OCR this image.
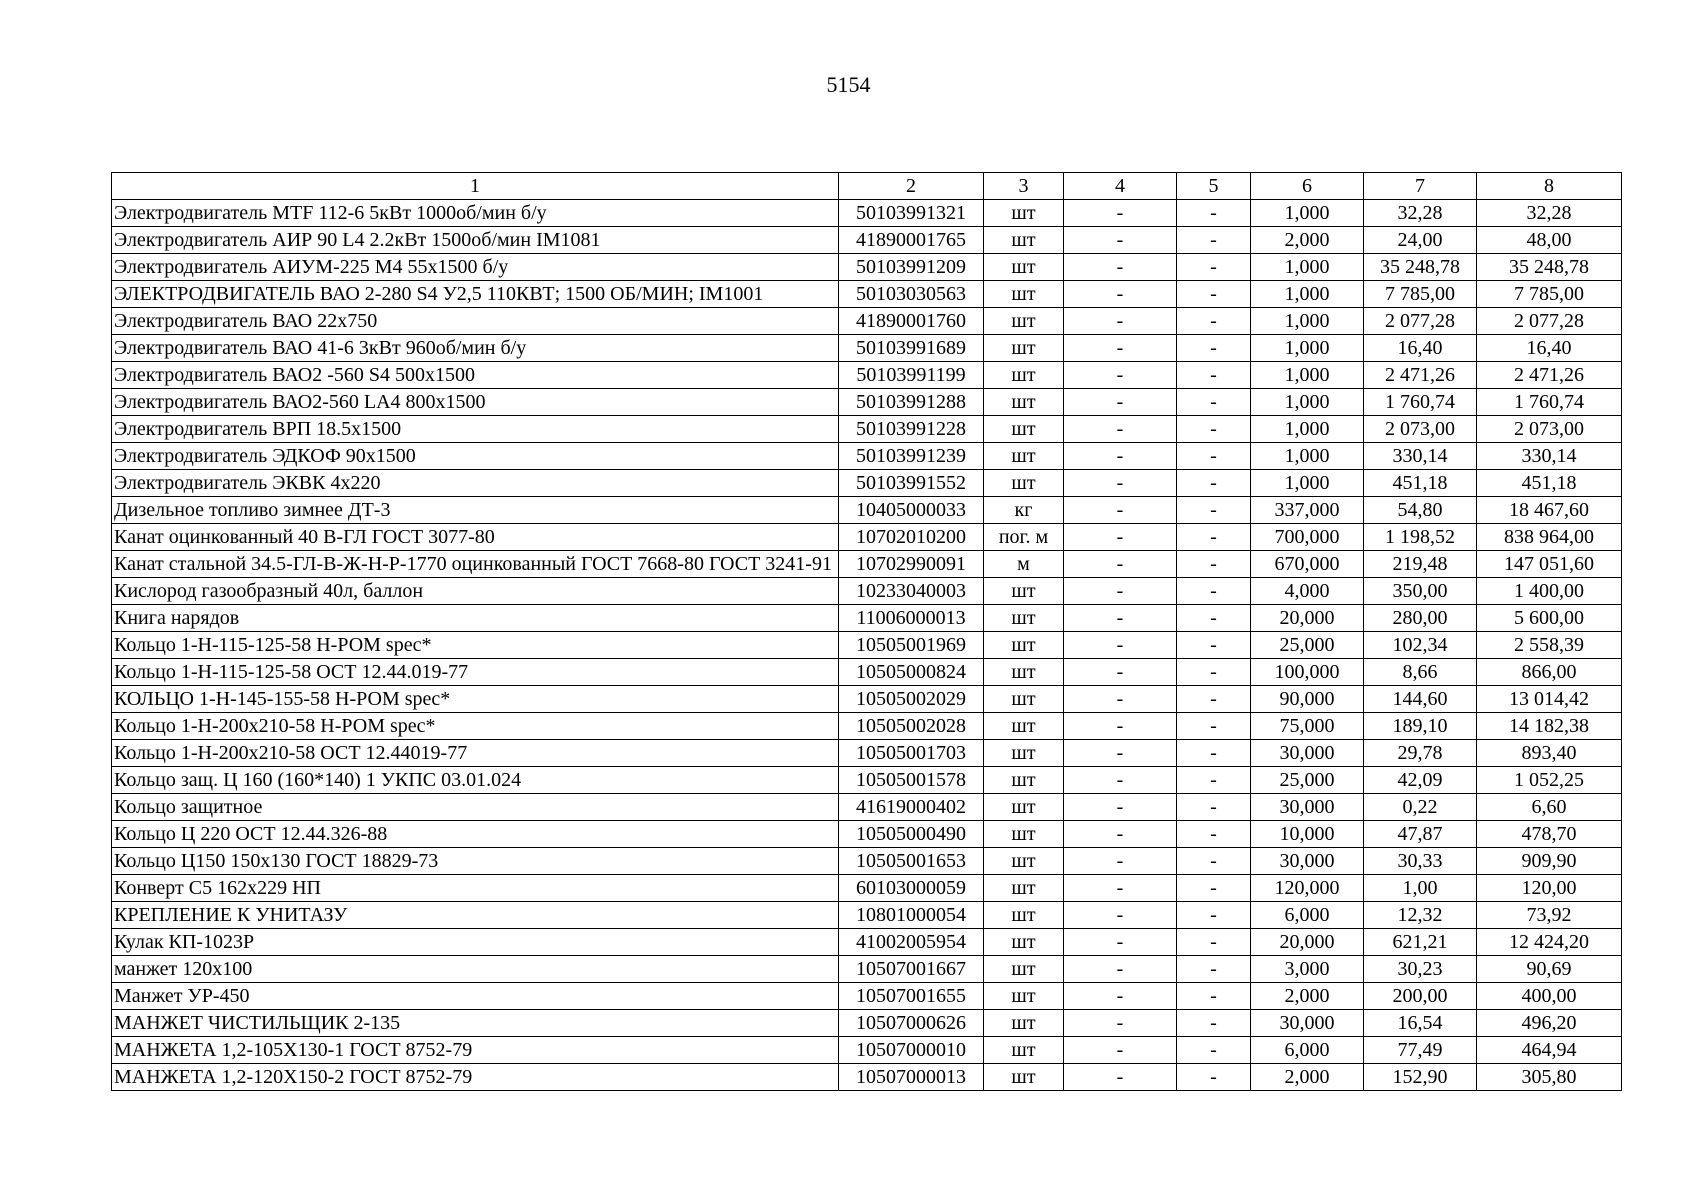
5154
1	2	3	4	5	6	7	8
Электродвигатель MTF 112-6 5кВт 1000об/мин б/у	50103991321	шт	-	-	1,000	32,28	32,28
Электродвигатель АИР 90 L4 2.2кВт 1500об/мин IM1081	41890001765	шт	-	-	2,000	24,00	48,00
Электродвигатель АИУМ-225 М4 55х1500 б/у	50103991209	шт	-	-	1,000	35 248,78	35 248,78
ЭЛЕКТРОДВИГАТЕЛЬ ВАО 2-280 S4 У2,5 110КВТ; 1500 ОБ/МИН; IM1001	50103030563	шт	-	-	1,000	7 785,00	7 785,00
Электродвигатель ВАО 22х750	41890001760	шт	-	-	1,000	2 077,28	2 077,28
Электродвигатель ВАО 41-6 3кВт 960об/мин б/у	50103991689	шт	-	-	1,000	16,40	16,40
Электродвигатель ВАО2 -560 S4 500х1500	50103991199	шт	-	-	1,000	2 471,26	2 471,26
Электродвигатель ВАО2-560 LA4 800х1500	50103991288	шт	-	-	1,000	1 760,74	1 760,74
Электродвигатель ВРП 18.5х1500	50103991228	шт	-	-	1,000	2 073,00	2 073,00
Электродвигатель ЭДКОФ 90х1500	50103991239	шт	-	-	1,000	330,14	330,14
Электродвигатель ЭКВК 4х220	50103991552	шт	-	-	1,000	451,18	451,18
Дизельное топливо зимнее ДТ-3	10405000033	кг	-	-	337,000	54,80	18 467,60
Канат оцинкованный 40 В-ГЛ ГОСТ 3077-80	10702010200	пог. м	-	-	700,000	1 198,52	838 964,00
Канат стальной 34.5-ГЛ-В-Ж-Н-Р-1770 оцинкованный ГОСТ 7668-80 ГОСТ 3241-91	10702990091	м	-	-	670,000	219,48	147 051,60
Кислород газообразный 40л, баллон	10233040003	шт	-	-	4,000	350,00	1 400,00
Книга нарядов	11006000013	шт	-	-	20,000	280,00	5 600,00
Кольцо 1-Н-115-125-58 Н-РОМ spec*	10505001969	шт	-	-	25,000	102,34	2 558,39
Кольцо 1-Н-115-125-58 ОСТ 12.44.019-77	10505000824	шт	-	-	100,000	8,66	866,00
КОЛЬЦО 1-Н-145-155-58 Н-РОМ spec*	10505002029	шт	-	-	90,000	144,60	13 014,42
Кольцо 1-Н-200х210-58 Н-РОМ spec*	10505002028	шт	-	-	75,000	189,10	14 182,38
Кольцо 1-Н-200х210-58 ОСТ 12.44019-77	10505001703	шт	-	-	30,000	29,78	893,40
Кольцо защ. Ц 160 (160*140) 1 УКПС 03.01.024	10505001578	шт	-	-	25,000	42,09	1 052,25
Кольцо защитное	41619000402	шт	-	-	30,000	0,22	6,60
Кольцо Ц 220 ОСТ 12.44.326-88	10505000490	шт	-	-	10,000	47,87	478,70
Кольцо Ц150 150х130 ГОСТ 18829-73	10505001653	шт	-	-	30,000	30,33	909,90
Конверт С5 162х229 НП	60103000059	шт	-	-	120,000	1,00	120,00
КРЕПЛЕНИЕ К УНИТАЗУ	10801000054	шт	-	-	6,000	12,32	73,92
Кулак КП-1023Р	41002005954	шт	-	-	20,000	621,21	12 424,20
манжет 120х100	10507001667	шт	-	-	3,000	30,23	90,69
Манжет УР-450	10507001655	шт	-	-	2,000	200,00	400,00
МАНЖЕТ ЧИСТИЛЬЩИК 2-135	10507000626	шт	-	-	30,000	16,54	496,20
МАНЖЕТА 1,2-105Х130-1 ГОСТ 8752-79	10507000010	шт	-	-	6,000	77,49	464,94
МАНЖЕТА 1,2-120Х150-2 ГОСТ 8752-79	10507000013	шт	-	-	2,000	152,90	305,80
